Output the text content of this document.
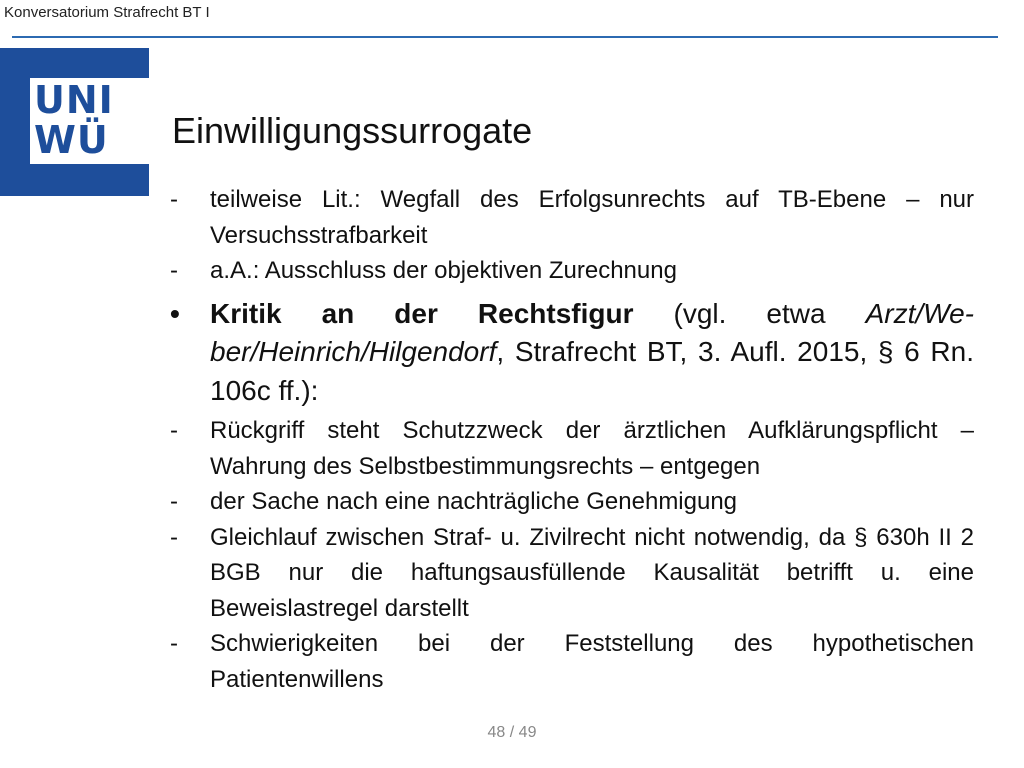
Konversatorium Strafrecht BT I
UNI
WÜ	Einwilligungssurrogate
- teilweise Lit.: Wegfall des Erfolgsunrechts auf TB-Ebene – nur Versuchsstrafbarkeit
- a.A.: Ausschluss der objektiven Zurechnung
• Kritik an der Rechtsfigur (vgl. etwa Arzt/Weber/Heinrich/Hilgendorf, Strafrecht BT, 3. Aufl. 2015, § 6 Rn. 106c ff.):
- Rückgriff steht Schutzzweck der ärztlichen Aufklärungspflicht – Wahrung des Selbstbestimmungsrechts – entgegen
- der Sache nach eine nachträgliche Genehmigung
- Gleichlauf zwischen Straf- u. Zivilrecht nicht notwendig, da § 630h II 2 BGB nur die haftungsausfüllende Kausalität betrifft u. eine Beweislastregel darstellt
- Schwierigkeiten bei der Feststellung des hypothetischen Patientenwillens
48 / 49
